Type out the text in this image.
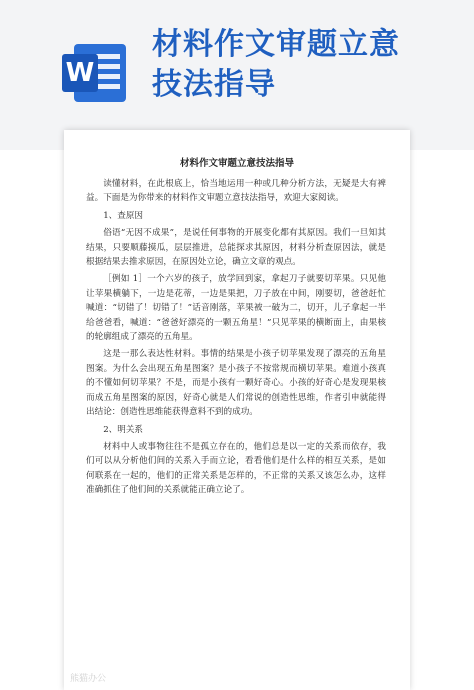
W
材料作文审题立意
技法指导
材料作文审题立意技法指导

读懂材料，在此根底上，恰当地运用一种或几种分析方法，无疑是大有裨益。下面是为你带来的材料作文审题立意技法指导，欢迎大家阅读。

1、查原因

俗语“无因不成果”，是说任何事物的开展变化都有其原因。我们一旦知其结果，只要顺藤摸瓜，层层推进，总能探求其原因，材料分析查原因法，就是根据结果去推求原因，在原因处立论，确立文章的观点。

［例如 1］一个六岁的孩子，放学回到家，拿起刀子就要切苹果。只见他让苹果横躺下，一边是花蒂，一边是果把，刀子放在中间，刚要切，爸爸赶忙喊道：“切错了！切错了！”话音刚落，苹果被一破为二，切开，儿子拿起一半给爸爸看，喊道：“爸爸好漂亮的一颗五角星！”只见苹果的横断面上，由果核的轮廓组成了漂亮的五角星。

这是一那么表达性材料。事情的结果是小孩子切苹果发现了漂亮的五角星图案。为什么会出现五角星图案？是小孩子不按常规而横切苹果。难道小孩真的不懂如何切苹果？不是，而是小孩有一颗好奇心。小孩的好奇心是发现果核而成五角星图案的原因，好奇心就是人们常说的创造性思维，作者引申就能得出结论：创造性思维能获得意料不到的成功。

2、明关系

材料中人或事物往往不是孤立存在的，他们总是以一定的关系而依存，我们可以从分析他们间的关系入手而立论，看看他们是什么样的相互关系，是如何联系在一起的，他们的正常关系是怎样的，不正常的关系又该怎么办，这样准确抓住了他们间的关系就能正确立论了。

熊猫办公
